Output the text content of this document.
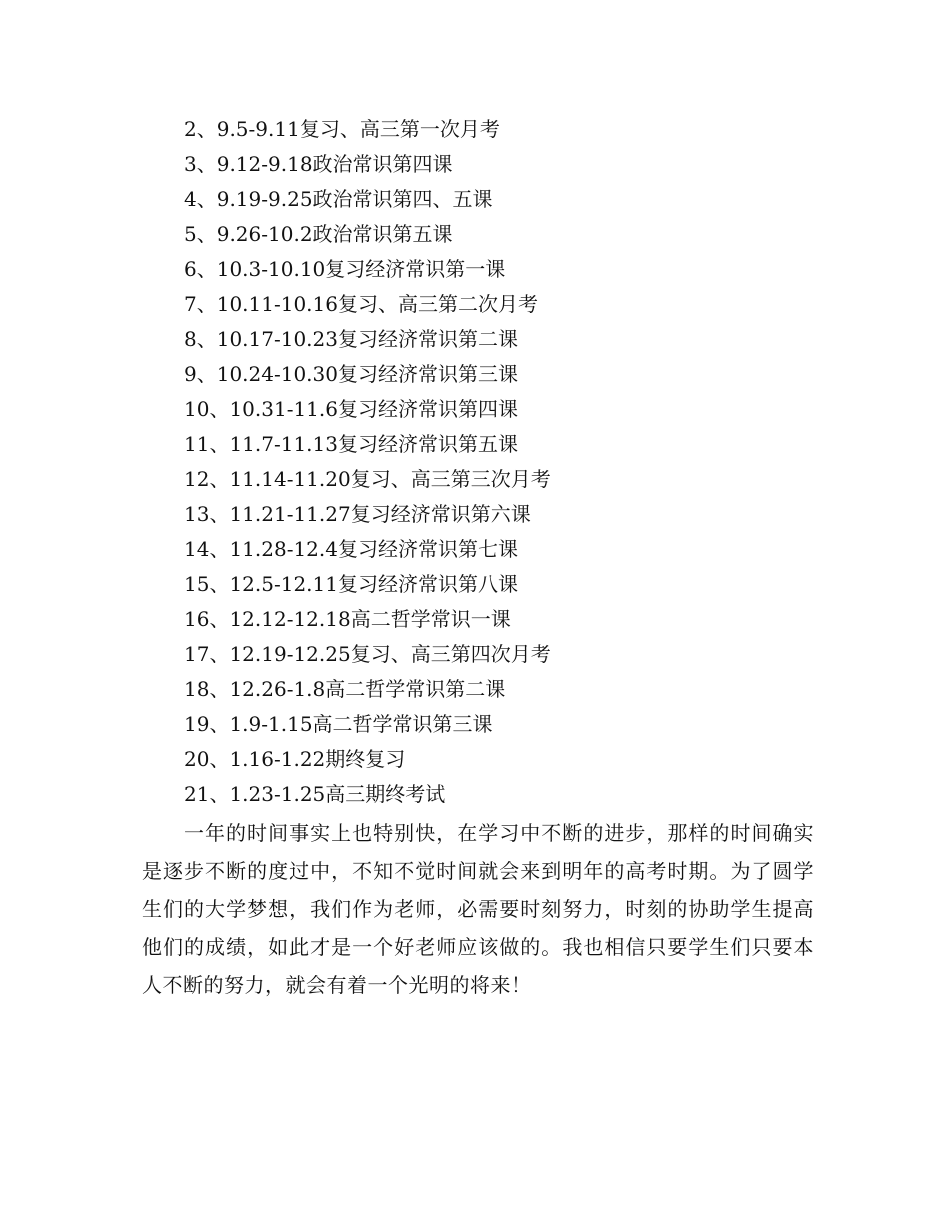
2、9.5-9.11复习、高三第一次月考
3、9.12-9.18政治常识第四课
4、9.19-9.25政治常识第四、五课
5、9.26-10.2政治常识第五课
6、10.3-10.10复习经济常识第一课
7、10.11-10.16复习、高三第二次月考
8、10.17-10.23复习经济常识第二课
9、10.24-10.30复习经济常识第三课
10、10.31-11.6复习经济常识第四课
11、11.7-11.13复习经济常识第五课
12、11.14-11.20复习、高三第三次月考
13、11.21-11.27复习经济常识第六课
14、11.28-12.4复习经济常识第七课
15、12.5-12.11复习经济常识第八课
16、12.12-12.18高二哲学常识一课
17、12.19-12.25复习、高三第四次月考
18、12.26-1.8高二哲学常识第二课
19、1.9-1.15高二哲学常识第三课
20、1.16-1.22期终复习
21、1.23-1.25高三期终考试

一年的时间事实上也特别快，在学习中不断的进步，那样的时间确实是逐步不断的度过中，不知不觉时间就会来到明年的高考时期。为了圆学生们的大学梦想，我们作为老师，必需要时刻努力，时刻的协助学生提高他们的成绩，如此才是一个好老师应该做的。我也相信只要学生们只要本人不断的努力，就会有着一个光明的将来！
